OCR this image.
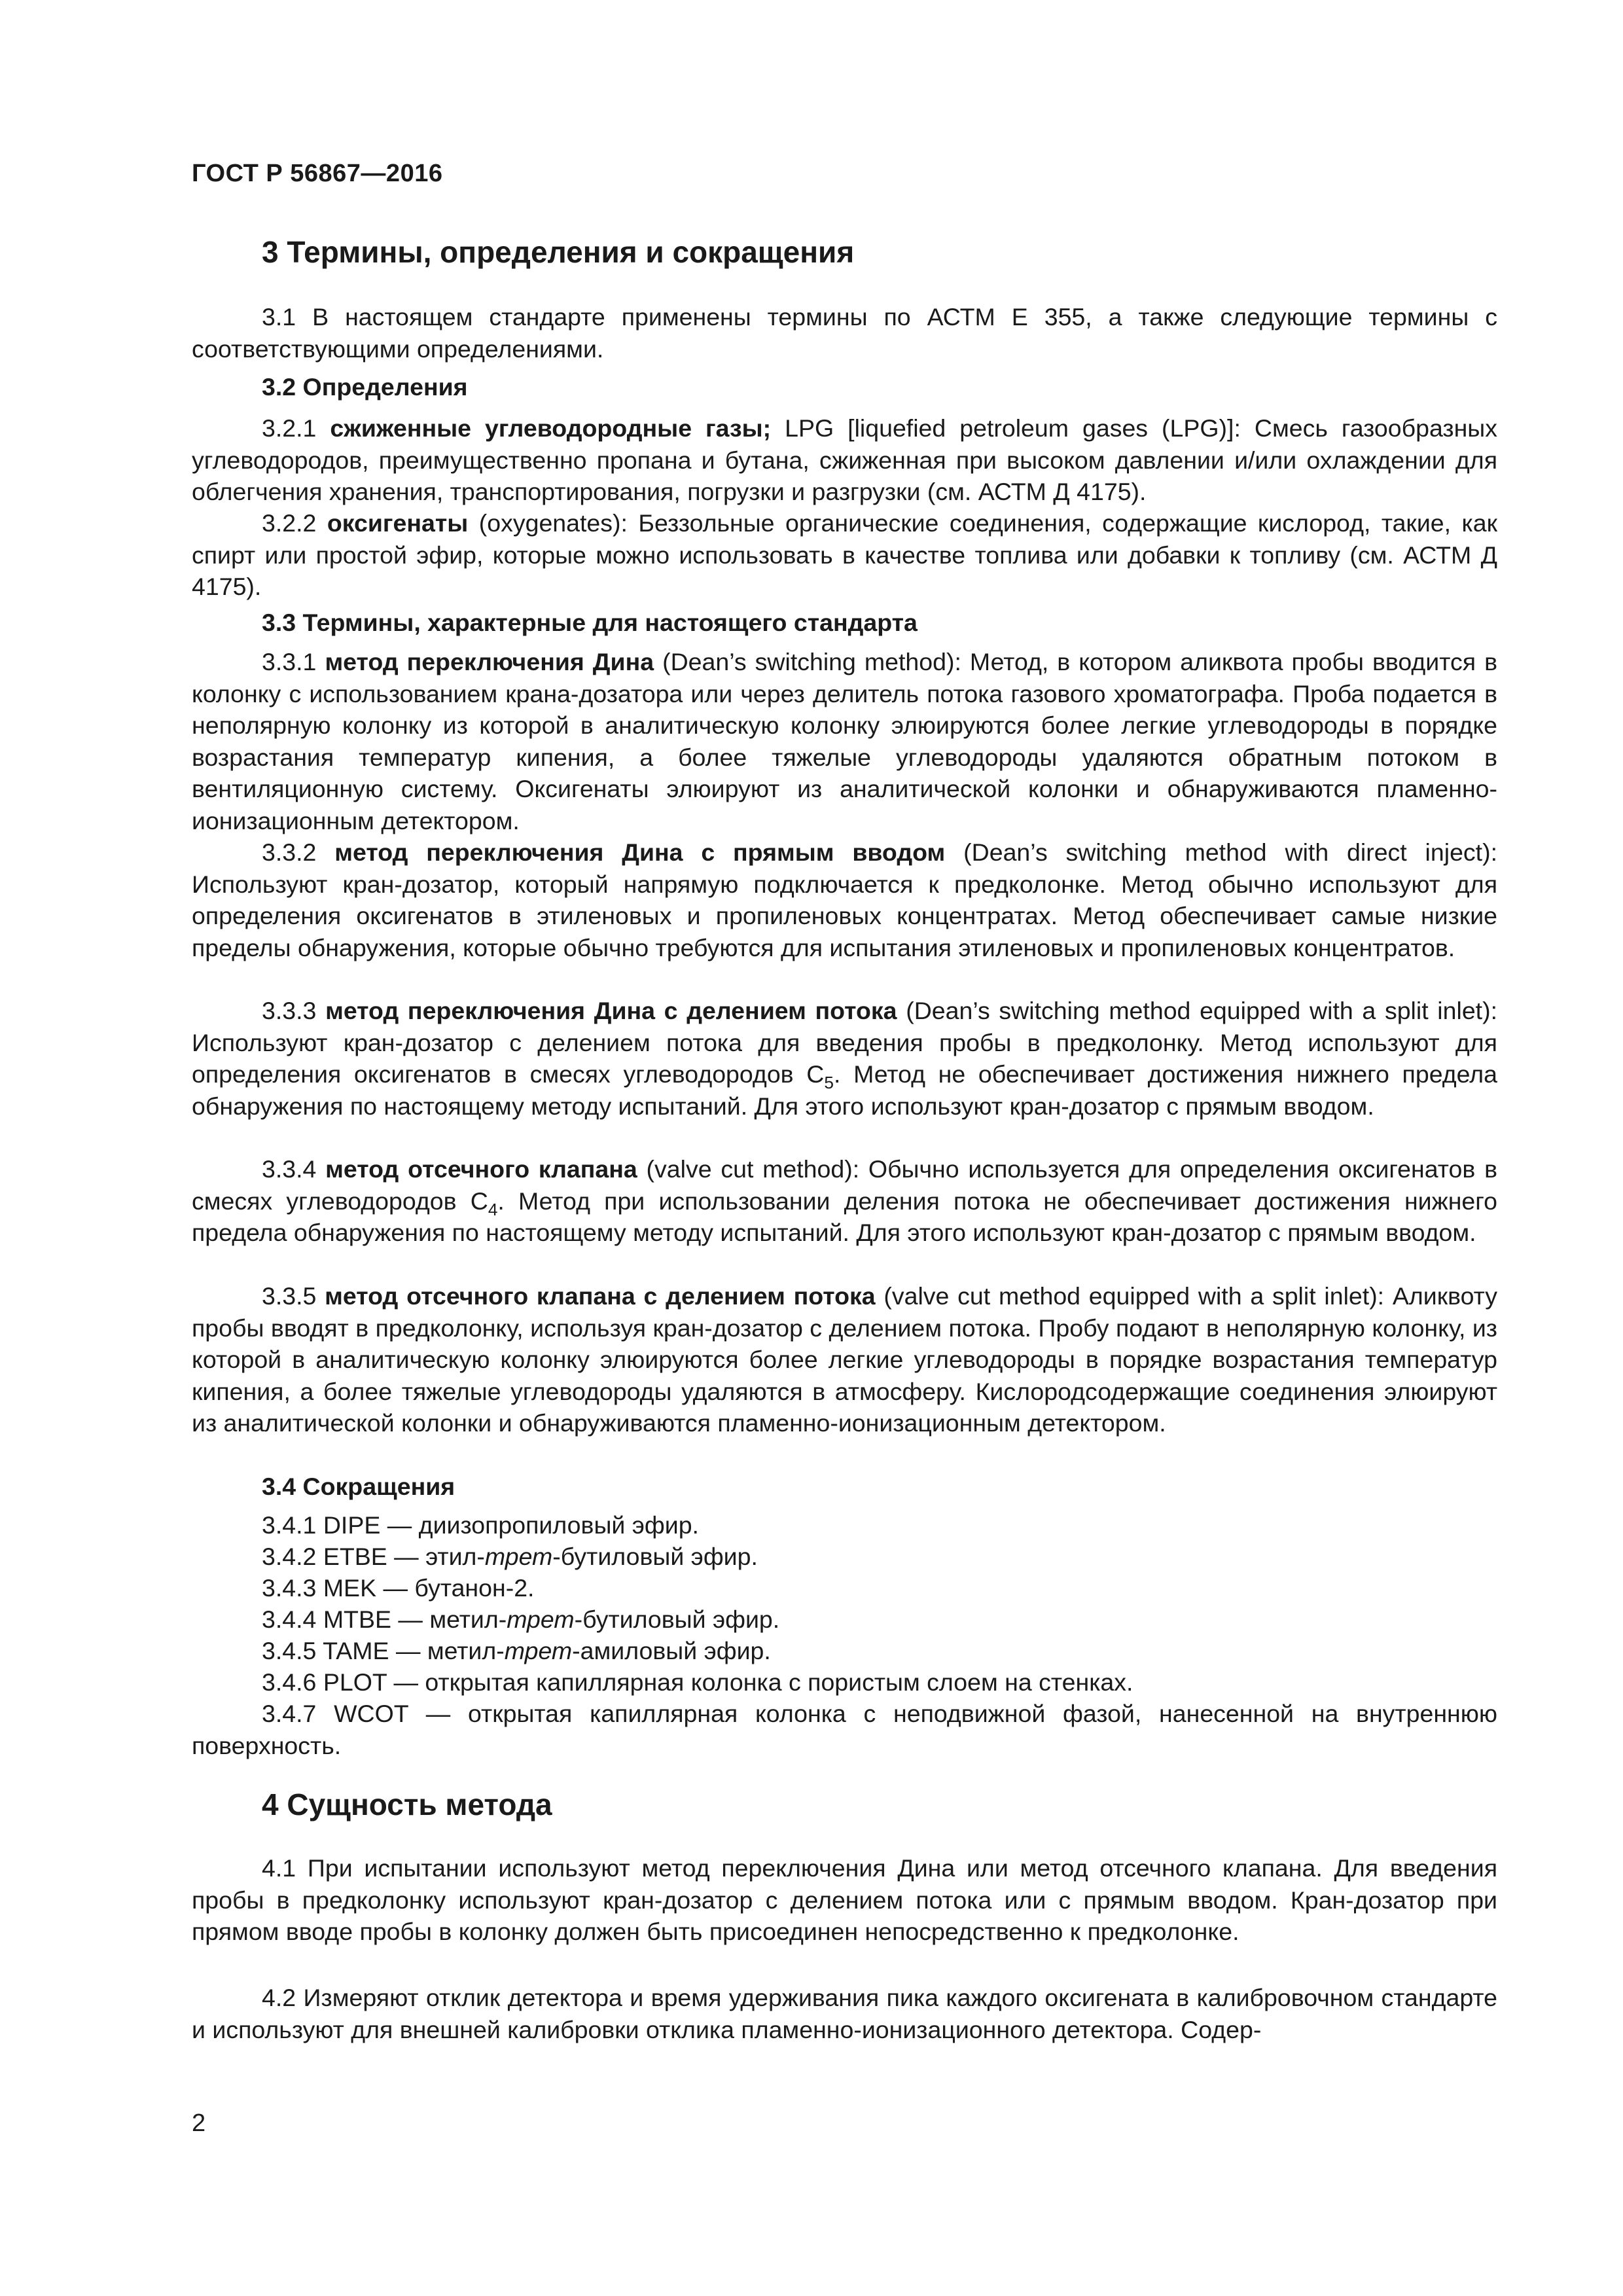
ГОСТ Р 56867—2016

3 Термины, определения и сокращения

3.1 В настоящем стандарте применены термины по АСТМ Е 355, а также следующие термины с соответствующими определениями.

3.2 Определения

3.2.1 сжиженные углеводородные газы; LPG [liquefied petroleum gases (LPG)]: Смесь газообразных углеводородов, преимущественно пропана и бутана, сжиженная при высоком давлении и/или охлаждении для облегчения хранения, транспортирования, погрузки и разгрузки (см. АСТМ Д 4175).

3.2.2 оксигенаты (oxygenates): Беззольные органические соединения, содержащие кислород, такие, как спирт или простой эфир, которые можно использовать в качестве топлива или добавки к топливу (см. АСТМ Д 4175).

3.3 Термины, характерные для настоящего стандарта

3.3.1 метод переключения Дина (Dean’s switching method): Метод, в котором аликвота пробы вводится в колонку с использованием крана-дозатора или через делитель потока газового хроматографа. Проба подается в неполярную колонку из которой в аналитическую колонку элюируются более легкие углеводороды в порядке возрастания температур кипения, а более тяжелые углеводороды удаляются обратным потоком в вентиляционную систему. Оксигенаты элюируют из аналитической колонки и обнаруживаются пламенно-ионизационным детектором.

3.3.2 метод переключения Дина с прямым вводом (Dean’s switching method with direct inject): Используют кран-дозатор, который напрямую подключается к предколонке. Метод обычно используют для определения оксигенатов в этиленовых и пропиленовых концентратах. Метод обеспечивает самые низкие пределы обнаружения, которые обычно требуются для испытания этиленовых и пропиленовых концентратов.

3.3.3 метод переключения Дина с делением потока (Dean’s switching method equipped with a split inlet): Используют кран-дозатор с делением потока для введения пробы в предколонку. Метод используют для определения оксигенатов в смесях углеводородов $C_5$. Метод не обеспечивает достижения нижнего предела обнаружения по настоящему методу испытаний. Для этого используют кран-дозатор с прямым вводом.

3.3.4 метод отсечного клапана (valve cut method): Обычно используется для определения оксигенатов в смесях углеводородов $C_4$. Метод при использовании деления потока не обеспечивает достижения нижнего предела обнаружения по настоящему методу испытаний. Для этого используют кран-дозатор с прямым вводом.

3.3.5 метод отсечного клапана с делением потока (valve cut method equipped with a split inlet): Аликвоту пробы вводят в предколонку, используя кран-дозатор с делением потока. Пробу подают в неполярную колонку, из которой в аналитическую колонку элюируются более легкие углеводороды в порядке возрастания температур кипения, а более тяжелые углеводороды удаляются в атмосферу. Кислородсодержащие соединения элюируют из аналитической колонки и обнаруживаются пламенно-ионизационным детектором.

3.4 Сокращения

3.4.1 DIPE — диизопропиловый эфир.

3.4.2 ETBE — этил-трет-бутиловый эфир.

3.4.3 MEK — бутанон-2.

3.4.4 MTBE — метил-трет-бутиловый эфир.

3.4.5 TAME — метил-трет-амиловый эфир.

3.4.6 PLOT — открытая капиллярная колонка с пористым слоем на стенках.

3.4.7 WCOT — открытая капиллярная колонка с неподвижной фазой, нанесенной на внутреннюю поверхность.

4 Сущность метода

4.1 При испытании используют метод переключения Дина или метод отсечного клапана. Для введения пробы в предколонку используют кран-дозатор с делением потока или с прямым вводом. Кран-дозатор при прямом вводе пробы в колонку должен быть присоединен непосредственно к предколонке.

4.2 Измеряют отклик детектора и время удерживания пика каждого оксигената в калибровочном стандарте и используют для внешней калибровки отклика пламенно-ионизационного детектора. Содер-

2
